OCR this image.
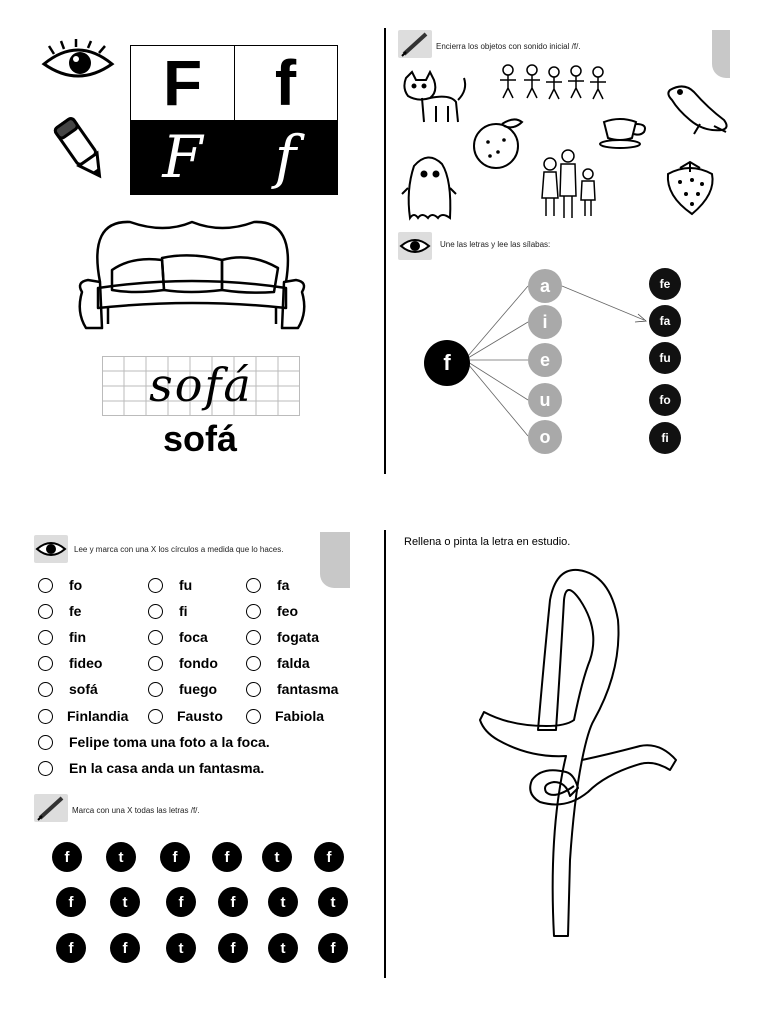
F	f
F	f
sofá
sofá
Encierra los objetos con sonido inicial /f/.
Une las letras y lee las sílabas:
f
a
i
e
u
o
fe
fa
fu
fo
fi
Lee y marca con una X los círculos a medida que lo haces.
fo	fu	fa
fe	fi	feo
fin	foca	fogata
fideo	fondo	falda
sofá	fuego	fantasma
Finlandia	Fausto	Fabiola
Felipe toma una foto a la foca.
En la casa anda un fantasma.
Marca con una X todas las letras /f/.
f	t	f	f	t	f
f	t	f	f	t	t
f	f	t	f	t	f
Rellena o pinta la letra en estudio.
